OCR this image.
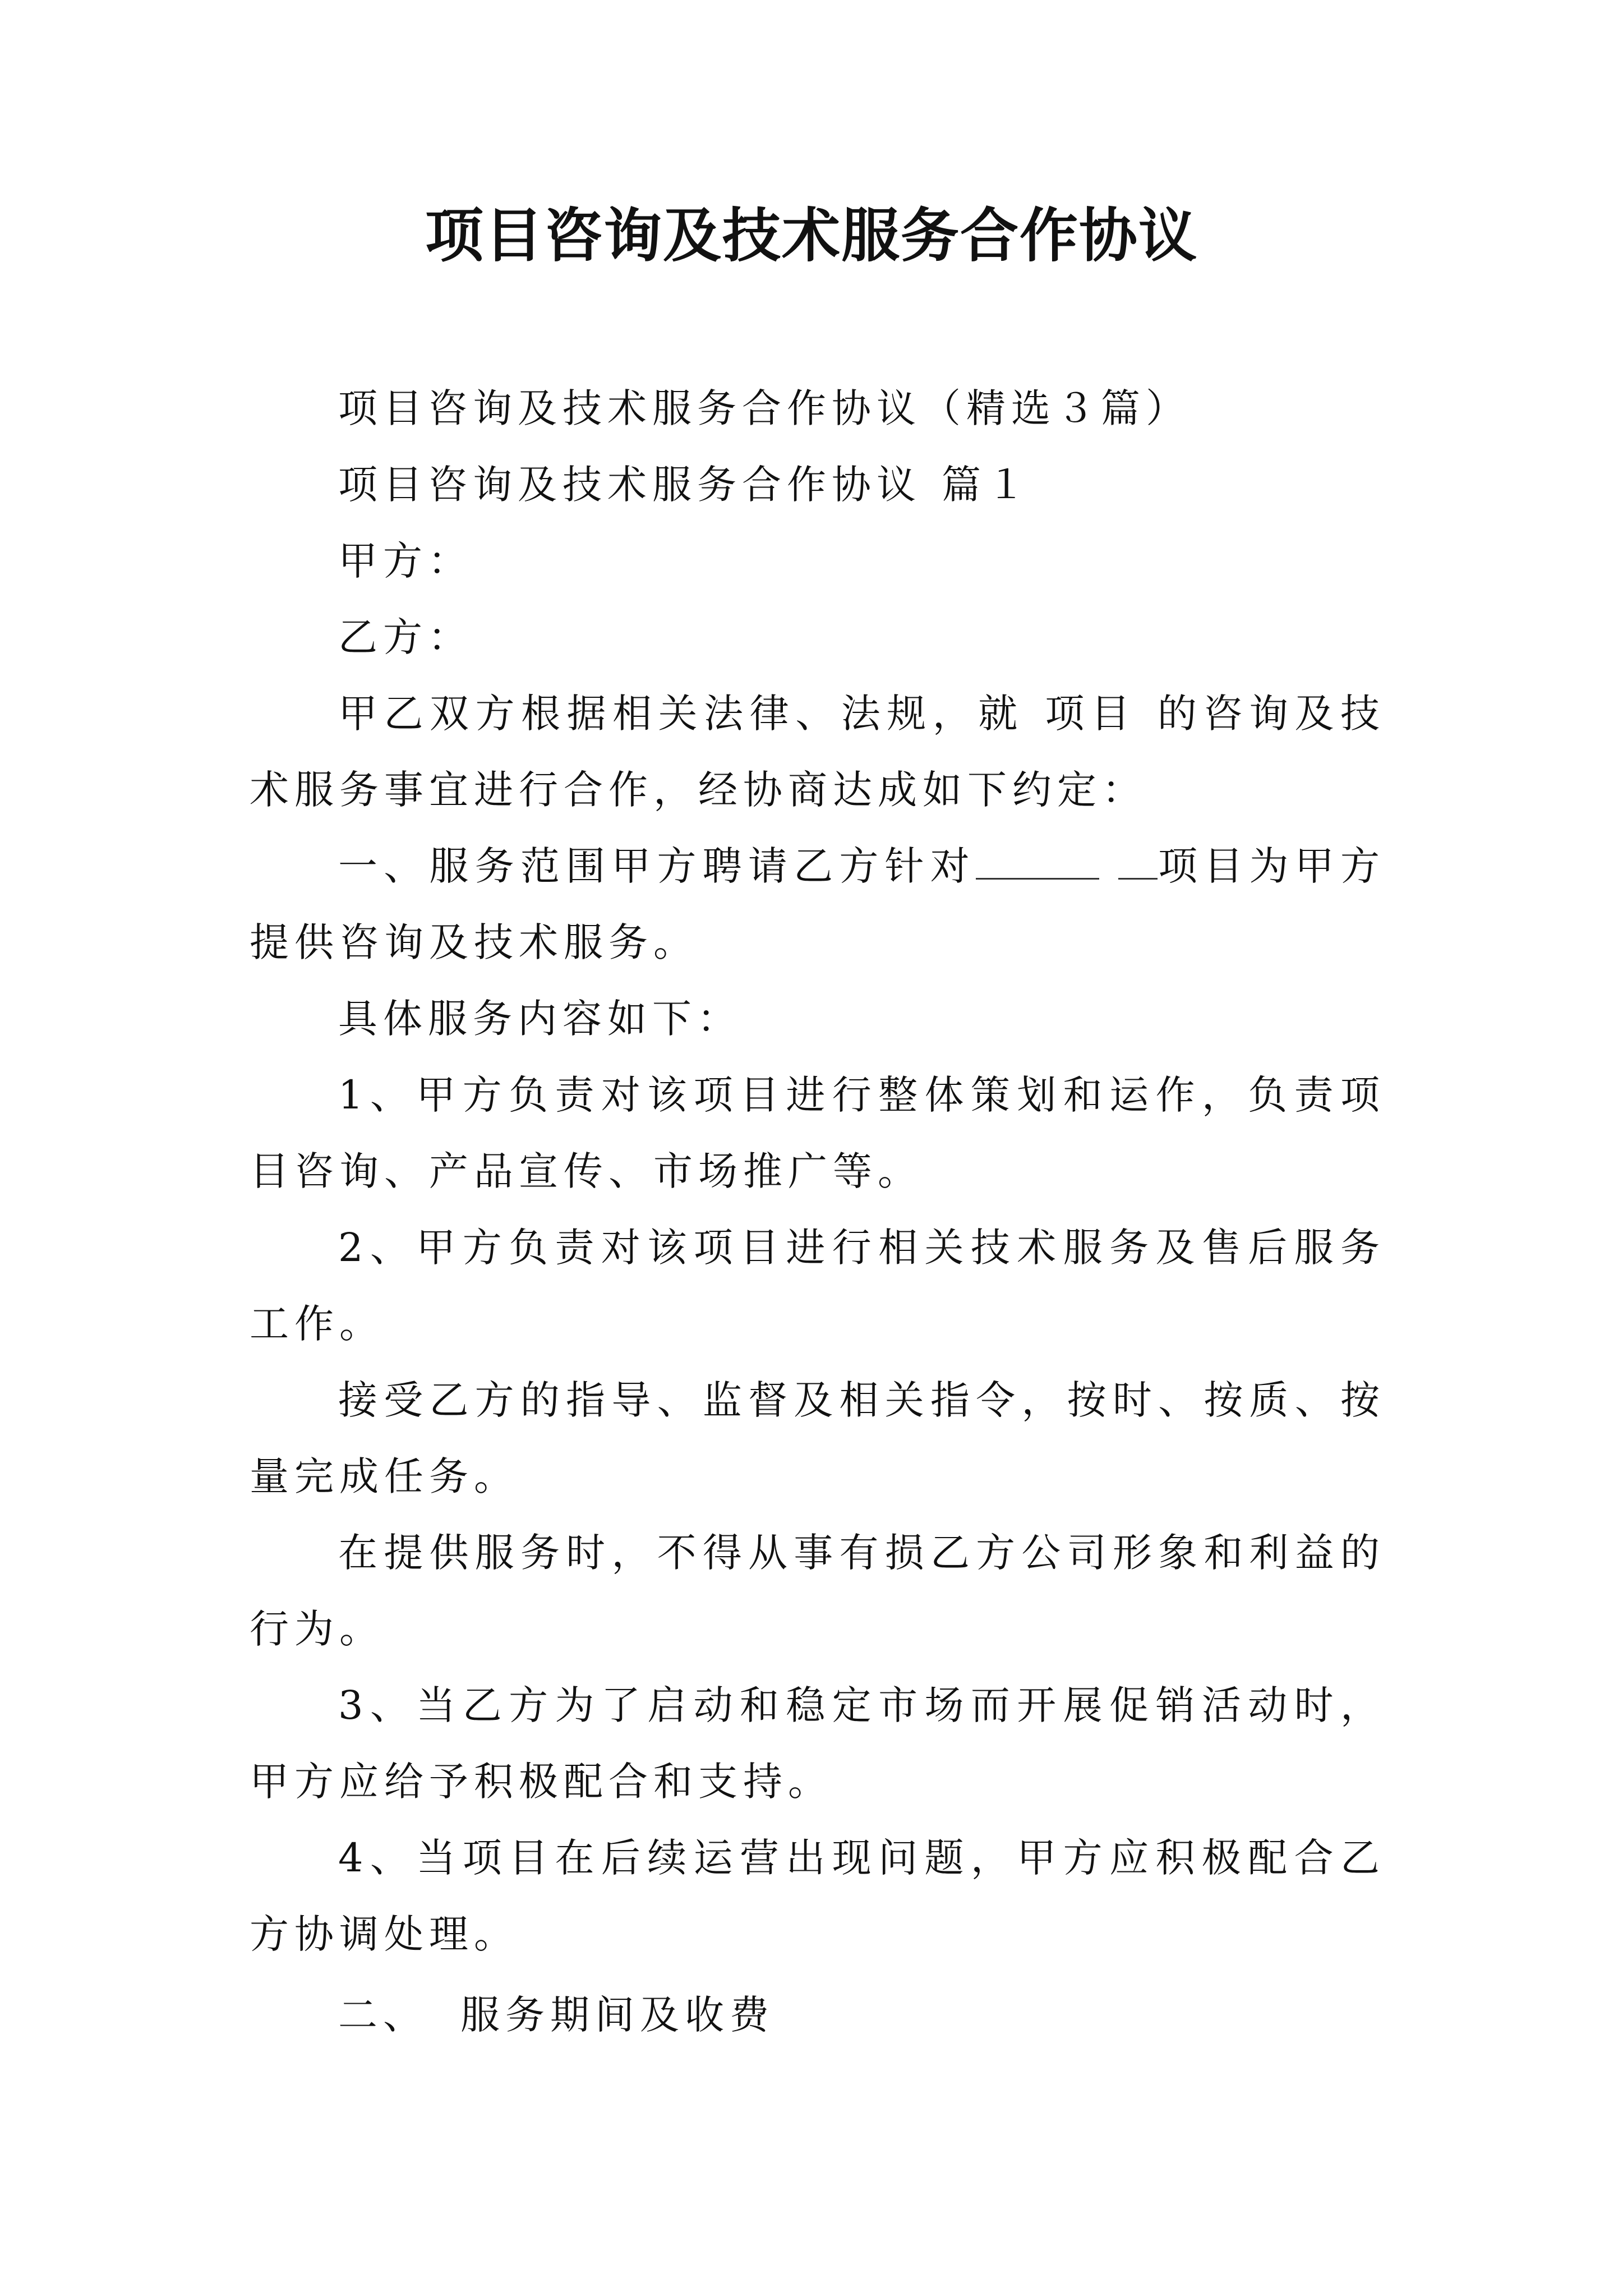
项目咨询及技术服务合作协议

项目咨询及技术服务合作协议（精选３篇）

项目咨询及技术服务合作协议 篇１

甲方：

乙方：

甲乙双方根据相关法律、法规，就 项目 的咨询及技术服务事宜进行合作，经协商达成如下约定：

一、服务范围甲方聘请乙方针对	项目为甲方提供咨询及技术服务。

具体服务内容如下：

1、甲方负责对该项目进行整体策划和运作，负责项目咨询、产品宣传、市场推广等。

2、甲方负责对该项目进行相关技术服务及售后服务工作。

接受乙方的指导、监督及相关指令，按时、按质、按量完成任务。

在提供服务时，不得从事有损乙方公司形象和利益的行为。

3、当乙方为了启动和稳定市场而开展促销活动时，甲方应给予积极配合和支持。

4、当项目在后续运营出现问题，甲方应积极配合乙方协调处理。

二、 服务期间及收费
